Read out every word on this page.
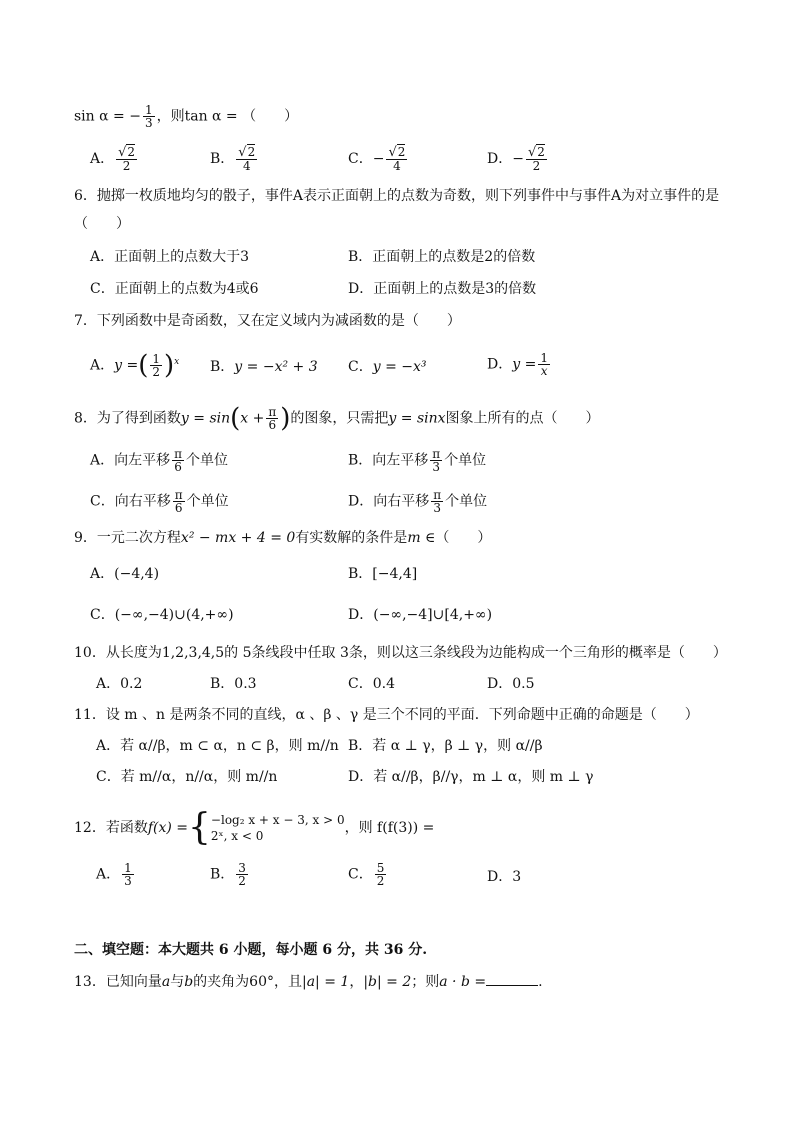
sin α = − $\frac{1}{3}$ ，则tan α = （　　）
A． $\frac{√2}{2}$	B． $\frac{√2}{4}$	C．− $\frac{√2}{4}$	D．− $\frac{√2}{2}$
6．抛掷一枚质地均匀的骰子，事件A表示正面朝上的点数为奇数，则下列事件中与事件A为对立事件的是
（　　）
A．正面朝上的点数大于3	B．正面朝上的点数是2的倍数
C．正面朝上的点数为4或6	D．正面朝上的点数是3的倍数
7．下列函数中是奇函数，又在定义域内为减函数的是（　　）
A．y =( $\frac{1}{2} )^x$ B．y = −x² + 3 C．y = −x³	D．$y = \frac{1}{x}$
8．为了得到函数$y = \sin(x + \frac{\pi}{6}$ )的图象，只需把y = sinx图象上所有的点（　　）
A．向左平移 $\frac{\pi}{6}$ 个单位	B．向左平移 $\frac{\pi}{3}$ 个单位
C．向右平移 $\frac{\pi}{6}$ 个单位	D．向右平移 $\frac{\pi}{3}$ 个单位
9．一元二次方程x² − mx + 4 = 0有实数解的条件是m ∈（　　）
A．(−4,4)	B．[−4,4]
C．(−∞,−4)∪(4,+∞)	D．(−∞,−4]∪[4,+∞)
10．从长度为1,2,3,4,5的 5条线段中任取 3条，则以这三条线段为边能构成一个三角形的概率是（　　）
A．0.2	B．0.3	C．0.4	D．0.5
11．设 m 、n 是两条不同的直线，α 、β 、γ 是三个不同的平面．下列命题中正确的命题是（　　）
A．若 α//β，m ⊂ α，n ⊂ β，则 m//n B．若 α ⊥ γ，β ⊥ γ，则 α//β
C．若 m//α，n//α，则 m//n	D．若 α//β，β//γ，m ⊥ α，则 m ⊥ γ
12．若函数f(x) ={ −log₂ x + x − 3, x > 0
2ˣ, x < 0	，则 f(f(3)) =
A． $\frac{1}{3}$	B． $\frac{3}{2}$	C． $\frac{5}{2}$	D．3
二、填空题：本大题共 6 小题，每小题 6 分，共 36 分.
13．已知向量a与b的夹角为60°，且|a| = 1，|b| = 2；则a · b =	.
